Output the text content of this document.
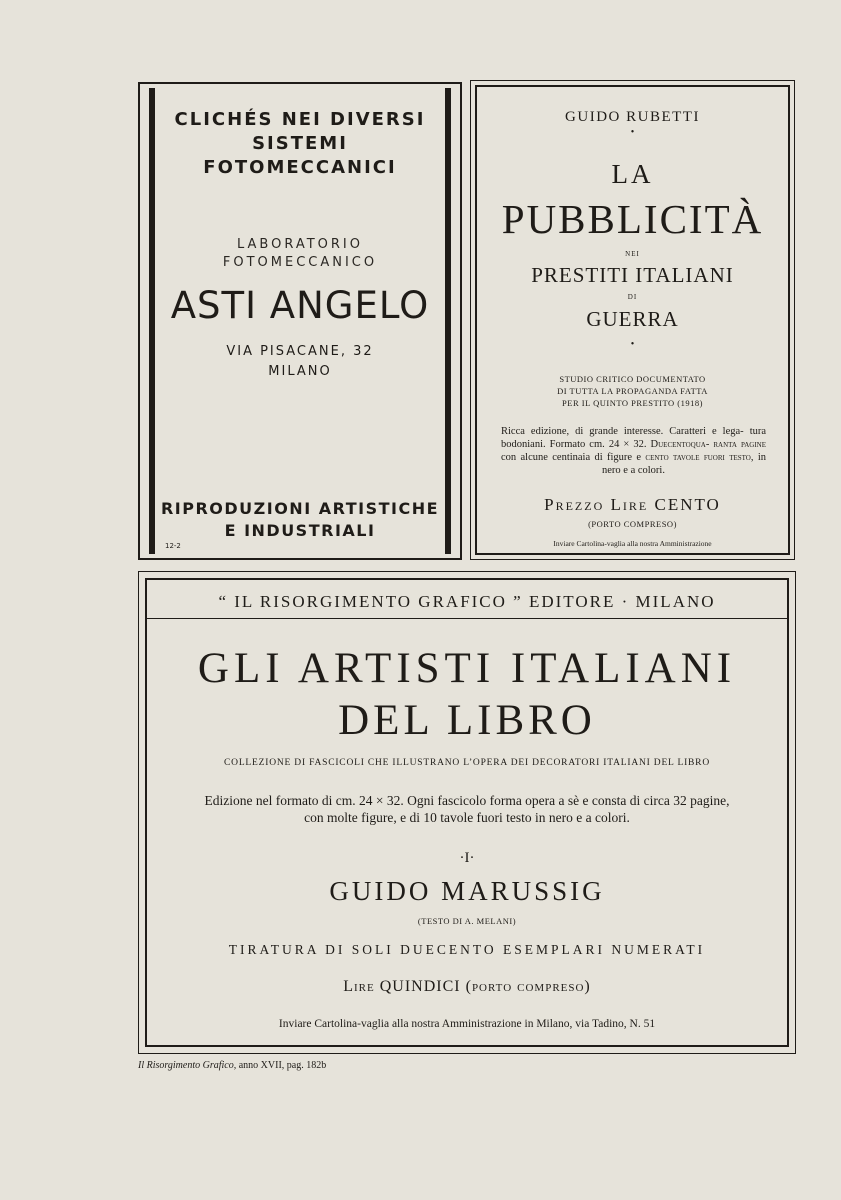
CLICHÉS NEI DIVERSI
SISTEMI FOTOMECCANICI
LABORATORIO
FOTOMECCANICO
ASTI ANGELO
VIA PISACANE, 32
MILANO
RIPRODUZIONI ARTISTICHE
E INDUSTRIALI
12-2
GUIDO RUBETTI
•
LA
PUBBLICITÀ
NEI
PRESTITI ITALIANI
DI
GUERRA
•
STUDIO CRITICO DOCUMENTATO
DI TUTTA LA PROPAGANDA FATTA
PER IL QUINTO PRESTITO (1918)
Ricca edizione, di grande interesse. Caratteri e lega- tura bodoniani. Formato cm. 24 × 32. Duecentoqua- ranta pagine con alcune centinaia di figure e cento tavole fuori testo, in nero e a colori.
Prezzo Lire CENTO
(PORTO COMPRESO)
Inviare Cartolina-vaglia alla nostra Amministrazione
“ IL RISORGIMENTO GRAFICO ” EDITORE · MILANO
GLI ARTISTI ITALIANI
DEL LIBRO
COLLEZIONE DI FASCICOLI CHE ILLUSTRANO L’OPERA DEI DECORATORI ITALIANI DEL LIBRO
Edizione nel formato di cm. 24 × 32. Ogni fascicolo forma opera a sè e consta di circa 32 pagine,
con molte figure, e di 10 tavole fuori testo in nero e a colori.
·I·
GUIDO MARUSSIG
(TESTO DI A. MELANI)
TIRATURA DI SOLI DUECENTO ESEMPLARI NUMERATI
Lire QUINDICI (porto compreso)
Inviare Cartolina-vaglia alla nostra Amministrazione in Milano, via Tadino, N. 51
Il Risorgimento Grafico, anno XVII, pag. 182b
